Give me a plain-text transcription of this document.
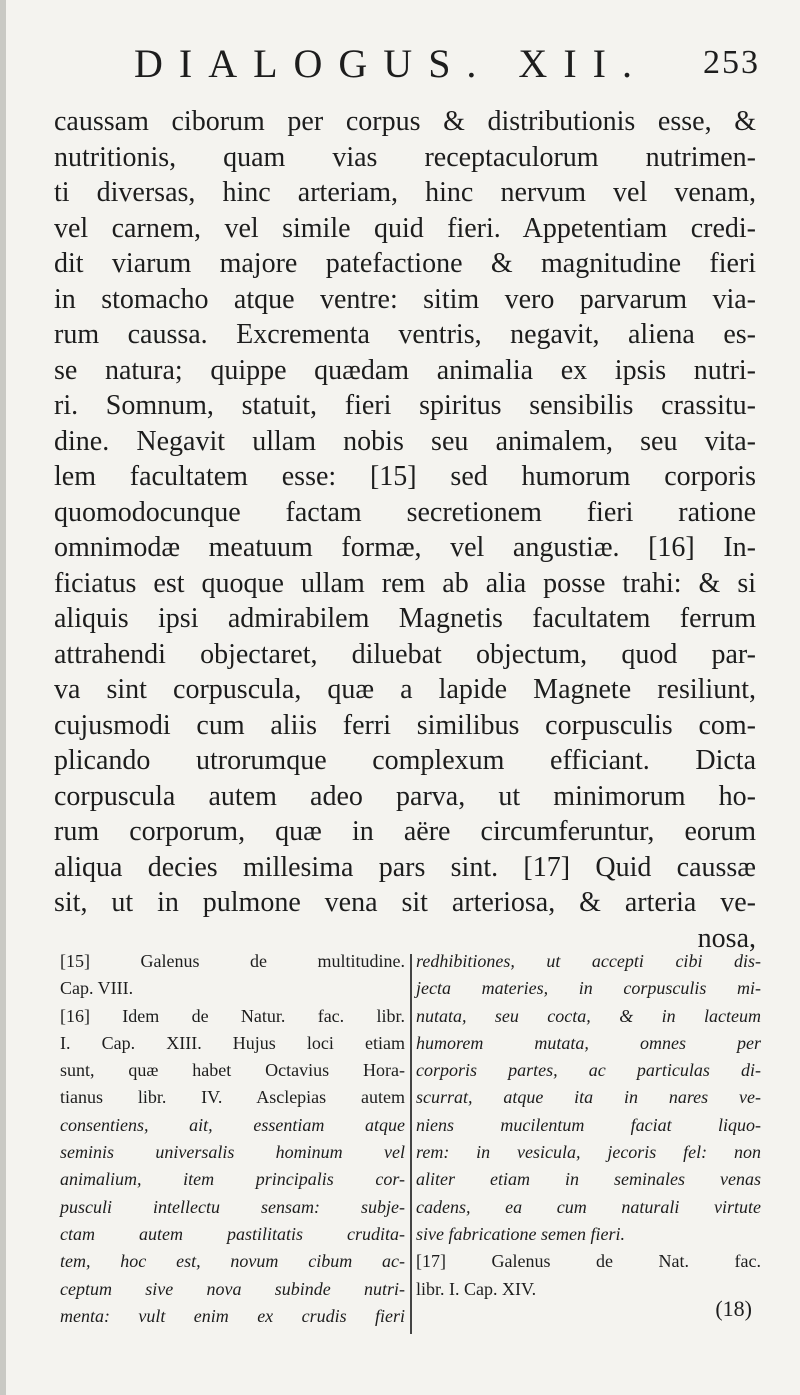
DIALOGUS. XII. 253
caussam ciborum per corpus & distributionis esse, &
nutritionis, quam vias receptaculorum nutrimen-
ti diversas, hinc arteriam, hinc nervum vel venam,
vel carnem, vel simile quid fieri. Appetentiam credi-
dit viarum majore patefactione & magnitudine fieri
in stomacho atque ventre: sitim vero parvarum via-
rum caussa. Excrementa ventris, negavit, aliena es-
se natura; quippe quædam animalia ex ipsis nutri-
ri. Somnum, statuit, fieri spiritus sensibilis crassitu-
dine. Negavit ullam nobis seu animalem, seu vita-
lem facultatem esse: [15] sed humorum corporis
quomodocunque factam secretionem fieri ratione
omnimodæ meatuum formæ, vel angustiæ. [16] In-
ficiatus est quoque ullam rem ab alia posse trahi: & si
aliquis ipsi admirabilem Magnetis facultatem ferrum
attrahendi objectaret, diluebat objectum, quod par-
va sint corpuscula, quæ a lapide Magnete resiliunt,
cujusmodi cum aliis ferri similibus corpusculis com-
plicando utrorumque complexum efficiant. Dicta
corpuscula autem adeo parva, ut minimorum ho-
rum corporum, quæ in aëre circumferuntur, eorum
aliqua decies millesima pars sint. [17] Quid caussæ
sit, ut in pulmone vena sit arteriosa, & arteria ve-
nosa,
[15] Galenus de multitudine.
Cap. VIII.
[16] Idem de Natur. fac. libr.
I. Cap. XIII. Hujus loci etiam
sunt, quæ habet Octavius Hora-
tianus libr. IV. Asclepias autem
consentiens, ait, essentiam atque
seminis universalis hominum vel
animalium, item principalis cor-
pusculi intellectu sensam: subje-
ctam autem pastilitatis crudita-
tem, hoc est, novum cibum ac-
ceptum sive nova subinde nutri-
menta: vult enim ex crudis fieri
redhibitiones, ut accepti cibi dis-
jecta materies, in corpusculis mi-
nutata, seu cocta, & in lacteum
humorem mutata, omnes per
corporis partes, ac particulas di-
scurrat, atque ita in nares ve-
niens mucilentum faciat liquo-
rem: in vesicula, jecoris fel: non
aliter etiam in seminales venas
cadens, ea cum naturali virtute
sive fabricatione semen fieri.
[17] Galenus de Nat. fac.
libr. I. Cap. XIV.
(18)
